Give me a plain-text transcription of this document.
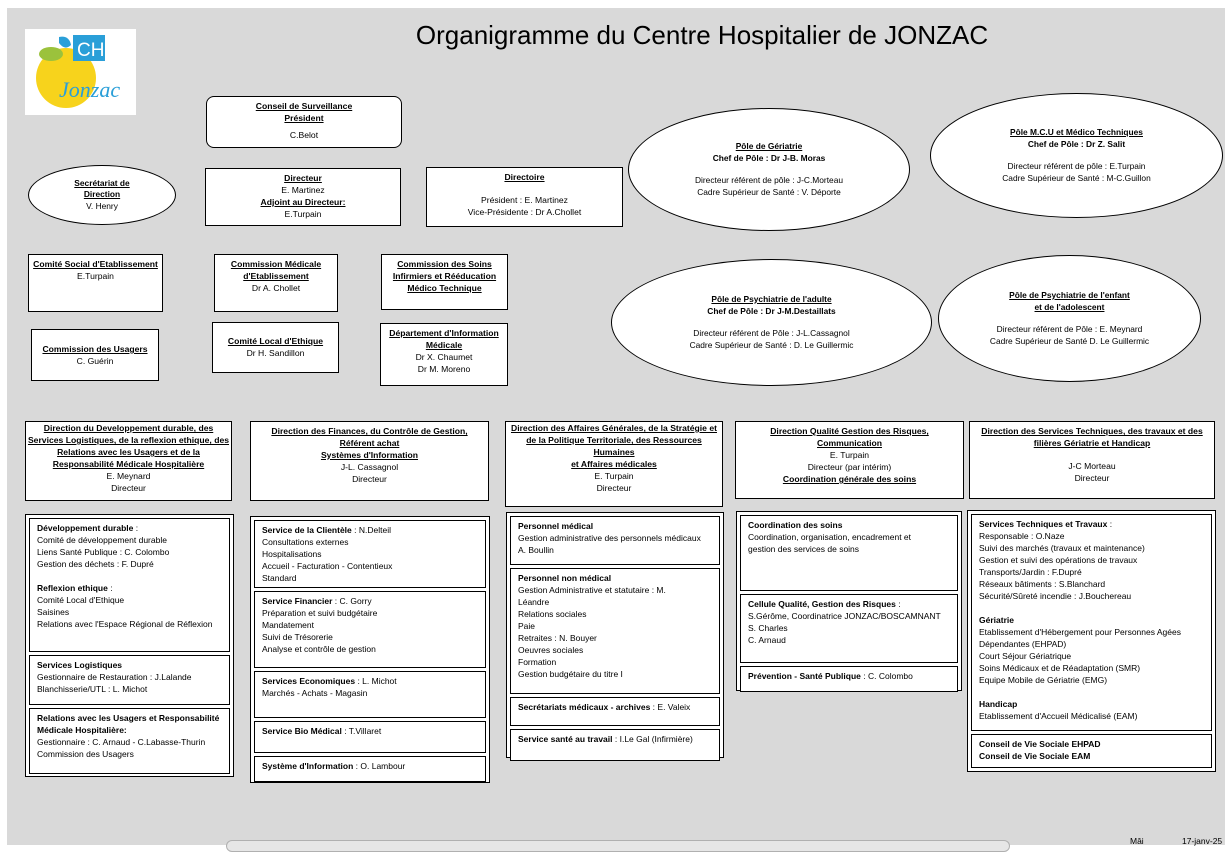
CH
Jonzac
Organigramme du Centre Hospitalier de JONZAC
Conseil de Surveillance
Président
C.Belot
Secrétariat de
Direction
V. Henry
Directeur
E. Martinez
Adjoint au Directeur:
E.Turpain
Directoire
Président : E. Martinez
Vice-Présidente : Dr A.Chollet
Comité Social d'Etablissement
E.Turpain
Commission Médicale
d'Etablissement
Dr A. Chollet
Commission des Soins
Infirmiers et Rééducation
Médico Technique
Commission des Usagers
C. Guérin
Comité Local d'Ethique
Dr H. Sandillon
Département d'Information
Médicale
Dr X. Chaumet
Dr M. Moreno
Pôle de Gériatrie
Chef de Pôle : Dr J-B. Moras
Directeur référent de pôle : J-C.Morteau
Cadre Supérieur de Santé : V. Déporte
Pôle M.C.U et Médico Techniques
Chef de Pôle : Dr Z. Salit
Directeur référent de pôle : E.Turpain
Cadre Supérieur de Santé : M-C.Guillon
Pôle de Psychiatrie de l'adulte
Chef de Pôle : Dr J-M.Destaillats
Directeur référent de Pôle : J-L.Cassagnol
Cadre Supérieur de Santé : D. Le Guillermic
Pôle de Psychiatrie de l'enfant
et de l'adolescent
Directeur référent de Pôle : E. Meynard
Cadre Supérieur de Santé D. Le Guillermic
Direction du Developpement durable, des
Services Logistiques, de la reflexion ethique, des
Relations avec les Usagers et de la
Responsabilité Médicale Hospitalière
E. Meynard
Directeur
Direction des Finances, du Contrôle de Gestion,
Référent achat
Systèmes d'Information
J-L. Cassagnol
Directeur
Direction des Affaires Générales, de la Stratégie et
de la Politique Territoriale, des Ressources
Humaines
et Affaires médicales
E. Turpain
Directeur
Direction Qualité Gestion des Risques,
Communication
E. Turpain
Directeur (par intérim)
Coordination générale des soins
Direction des Services Techniques, des travaux et des
filières Gériatrie et Handicap
J-C Morteau
Directeur
Développement durable :
Comité de développement durable
Liens Santé Publique : C. Colombo
Gestion des déchets : F. Dupré
Reflexion ethique :
Comité Local d'Ethique
Saisines
Relations avec l'Espace Régional de Réflexion
Services Logistiques
Gestionnaire de Restauration : J.Lalande
Blanchisserie/UTL : L. Michot
Relations avec les Usagers et Responsabilité
Médicale Hospitalière:
Gestionnaire : C. Arnaud - C.Labasse-Thurin
Commission des Usagers
Service de la Clientèle : N.Delteil
Consultations externes
Hospitalisations
Accueil - Facturation - Contentieux
Standard
Service Financier : C. Gorry
Préparation et suivi budgétaire
Mandatement
Suivi de Trésorerie
Analyse et contrôle de gestion
Services Economiques : L. Michot
Marchés - Achats - Magasin
Service Bio Médical : T.Villaret
Système d'Information : O. Lambour
Personnel médical
Gestion administrative des personnels médicaux
A. Boullin
Personnel non médical
Gestion Administrative et statutaire : M.
Léandre
Relations sociales
Paie
Retraites : N. Bouyer
Oeuvres sociales
Formation
Gestion budgétaire du titre I
Secrétariats médicaux - archives : E. Valeix
Service santé au travail : I.Le Gal (Infirmière)
Coordination des soins
Coordination, organisation, encadrement et
gestion des services de soins
Cellule Qualité, Gestion des Risques :
S.Gérôme, Coordinatrice JONZAC/BOSCAMNANT
S. Charles
C. Arnaud
Prévention - Santé Publique : C. Colombo
Services Techniques et Travaux :
Responsable : O.Naze
Suivi des marchés (travaux et maintenance)
Gestion et suivi des opérations de travaux
Transports/Jardin : F.Dupré
Réseaux bâtiments : S.Blanchard
Sécurité/Sûreté incendie : J.Bouchereau
Gériatrie
Etablissement d'Hébergement pour Personnes Agées
Dépendantes (EHPAD)
Court Séjour Gériatrique
Soins Médicaux et de Réadaptation (SMR)
Equipe Mobile de Gériatrie (EMG)
Handicap
Etablissement d'Accueil Médicalisé (EAM)
Conseil de Vie Sociale EHPAD
Conseil de Vie Sociale EAM
Mâi	17-janv-25
